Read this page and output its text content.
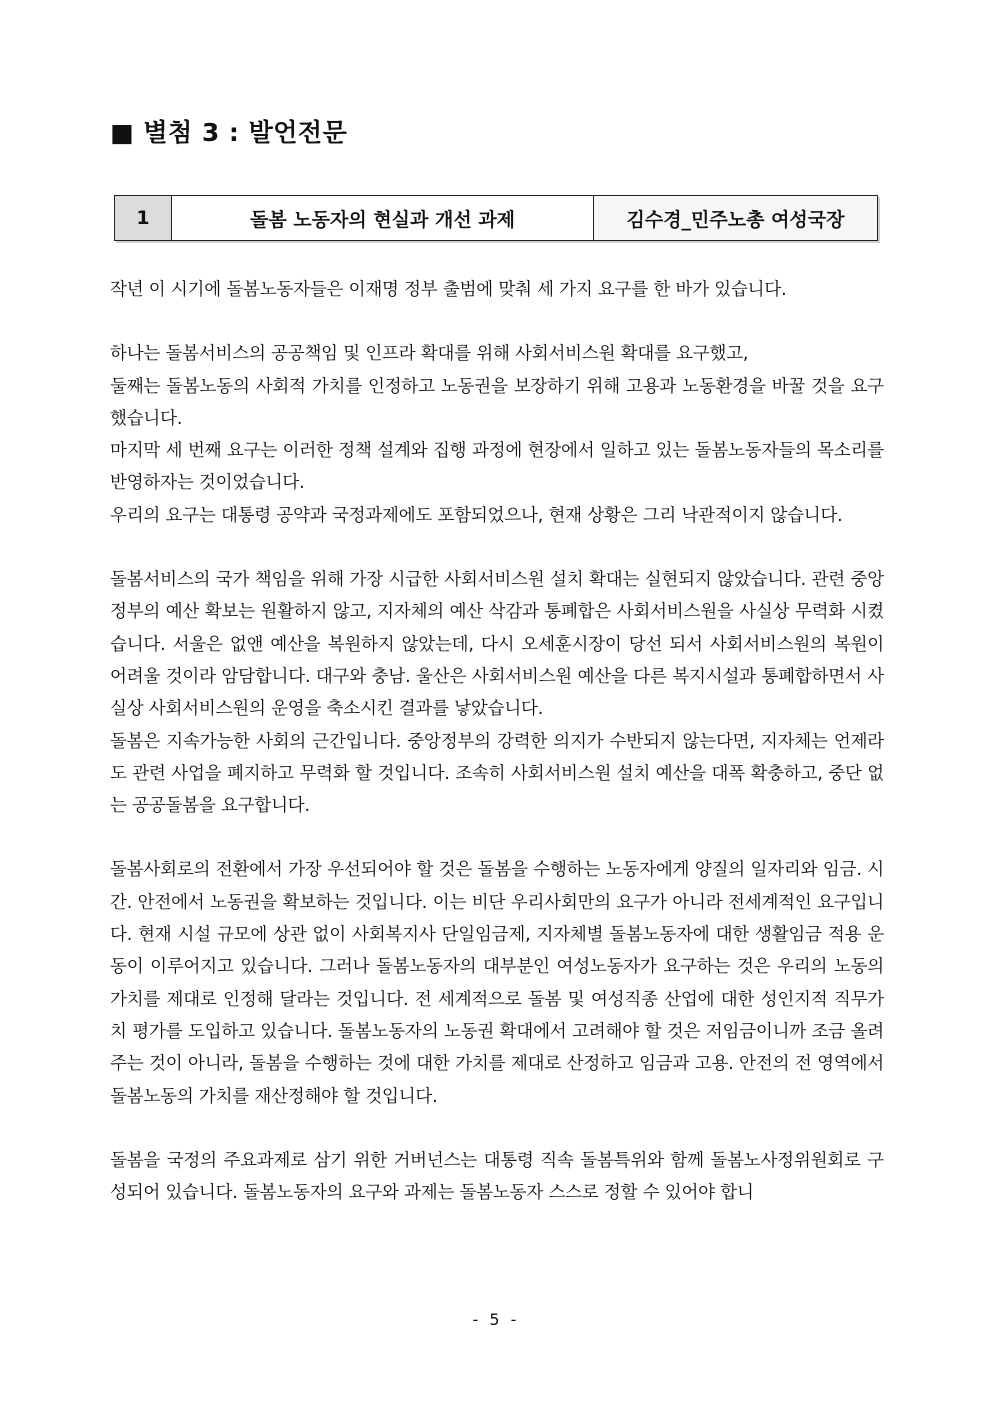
■ 별첨 3 : 발언전문
1	돌봄 노동자의 현실과 개선 과제	김수경_민주노총 여성국장

작년 이 시기에 돌봄노동자들은 이재명 정부 출범에 맞춰 세 가지 요구를 한 바가 있습니다.

하나는 돌봄서비스의 공공책임 및 인프라 확대를 위해 사회서비스원 확대를 요구했고,

둘째는 돌봄노동의 사회적 가치를 인정하고 노동권을 보장하기 위해 고용과 노동환경을 바꿀 것을 요구했습니다.

마지막 세 번째 요구는 이러한 정책 설계와 집행 과정에 현장에서 일하고 있는 돌봄노동자들의 목소리를 반영하자는 것이었습니다.

우리의 요구는 대통령 공약과 국정과제에도 포함되었으나, 현재 상황은 그리 낙관적이지 않습니다.

돌봄서비스의 국가 책임을 위해 가장 시급한 사회서비스원 설치 확대는 실현되지 않았습니다. 관련 중앙정부의 예산 확보는 원활하지 않고, 지자체의 예산 삭감과 통폐합은 사회서비스원을 사실상 무력화 시켰습니다. 서울은 없앤 예산을 복원하지 않았는데, 다시 오세훈시장이 당선 되서 사회서비스원의 복원이 어려울 것이라 암담합니다. 대구와 충남. 울산은 사회서비스원 예산을 다른 복지시설과 통폐합하면서 사실상 사회서비스원의 운영을 축소시킨 결과를 낳았습니다.

돌봄은 지속가능한 사회의 근간입니다. 중앙정부의 강력한 의지가 수반되지 않는다면, 지자체는 언제라도 관련 사업을 폐지하고 무력화 할 것입니다. 조속히 사회서비스원 설치 예산을 대폭 확충하고, 중단 없는 공공돌봄을 요구합니다.

돌봄사회로의 전환에서 가장 우선되어야 할 것은 돌봄을 수행하는 노동자에게 양질의 일자리와 임금. 시간. 안전에서 노동권을 확보하는 것입니다. 이는 비단 우리사회만의 요구가 아니라 전세계적인 요구입니다. 현재 시설 규모에 상관 없이 사회복지사 단일임금제, 지자체별 돌봄노동자에 대한 생활임금 적용 운동이 이루어지고 있습니다. 그러나 돌봄노동자의 대부분인 여성노동자가 요구하는 것은 우리의 노동의 가치를 제대로 인정해 달라는 것입니다. 전 세계적으로 돌봄 및 여성직종 산업에 대한 성인지적 직무가치 평가를 도입하고 있습니다. 돌봄노동자의 노동권 확대에서 고려해야 할 것은 저임금이니까 조금 올려주는 것이 아니라, 돌봄을 수행하는 것에 대한 가치를 제대로 산정하고 임금과 고용. 안전의 전 영역에서 돌봄노동의 가치를 재산정해야 할 것입니다.

돌봄을 국정의 주요과제로 삼기 위한 거버넌스는 대통령 직속 돌봄특위와 함께 돌봄노사정위원회로 구성되어 있습니다. 돌봄노동자의 요구와 과제는 돌봄노동자 스스로 정할 수 있어야 합니

- 5 -
